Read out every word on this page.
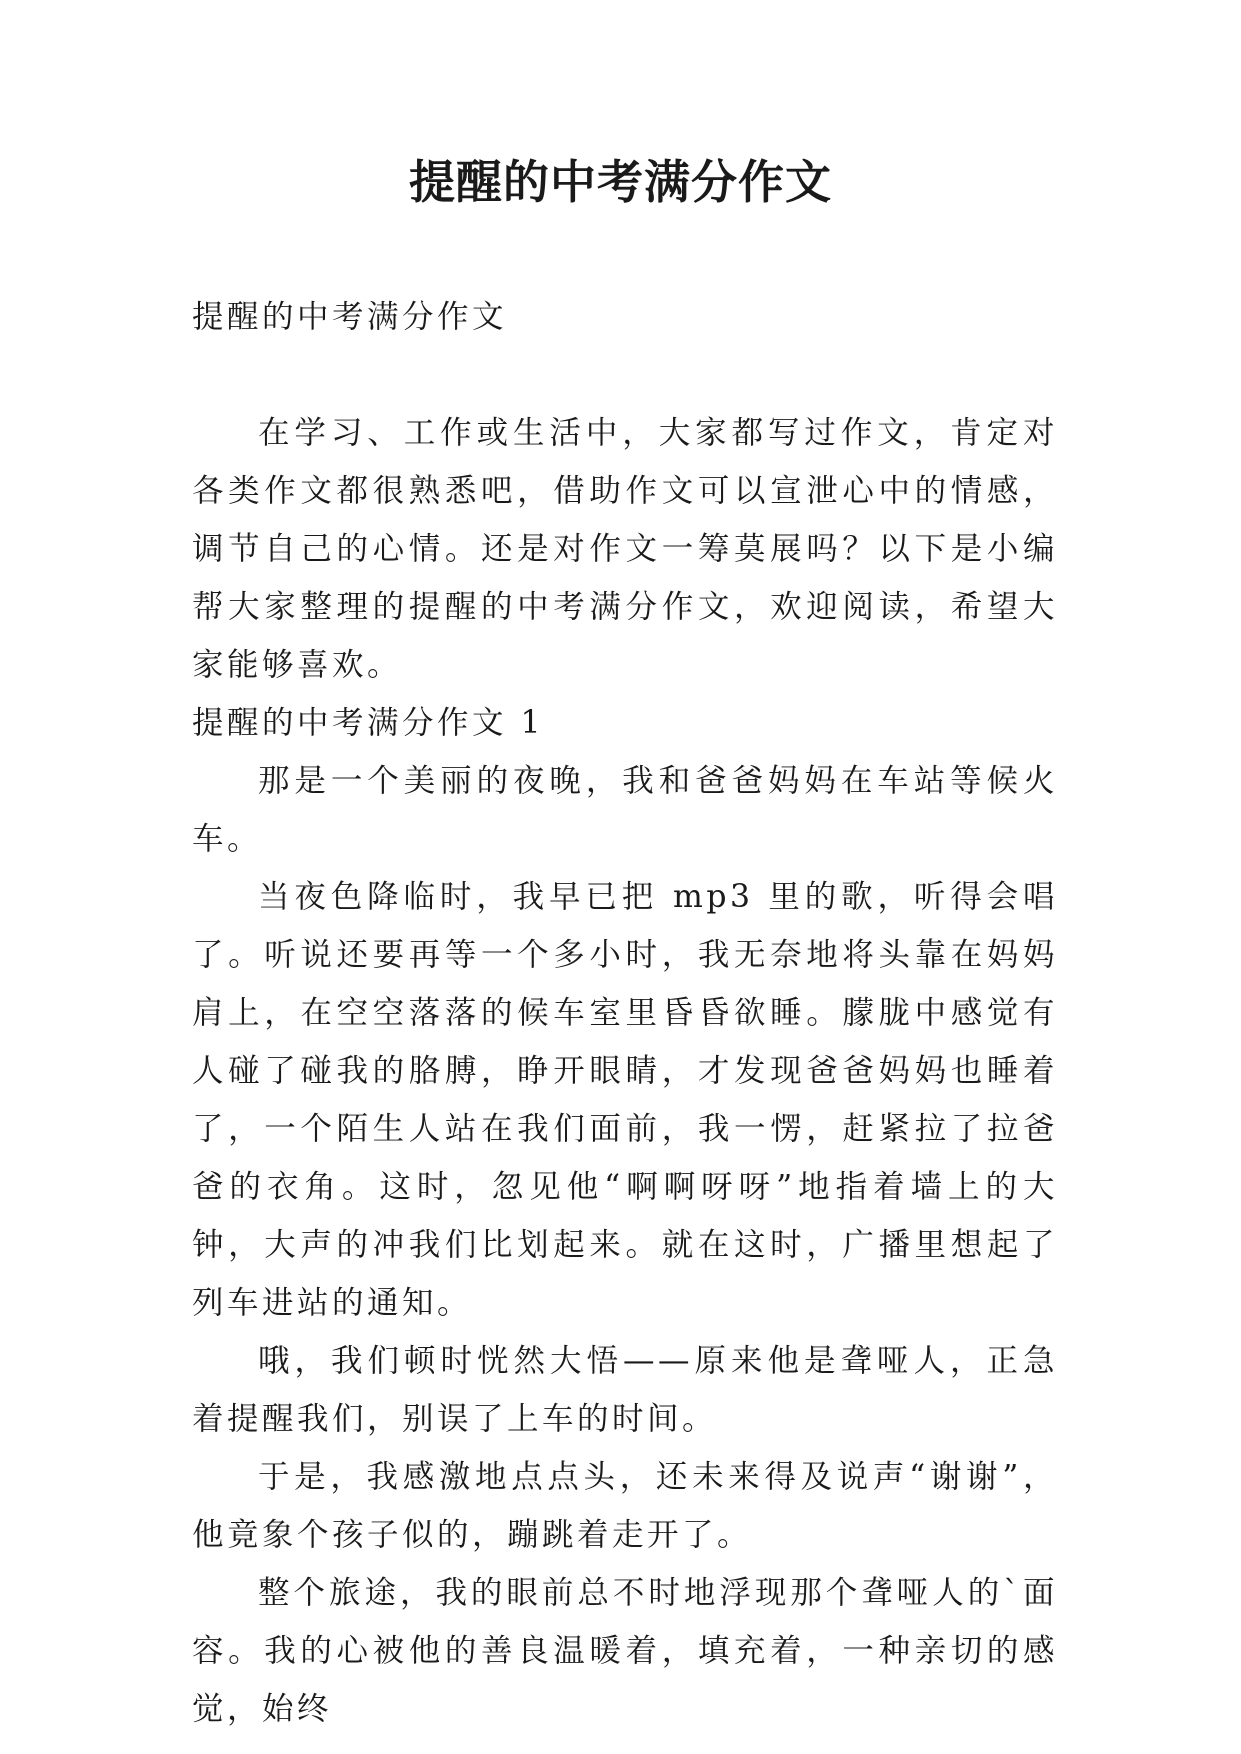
提醒的中考满分作文
提醒的中考满分作文

在学习、工作或生活中，大家都写过作文，肯定对各类作文都很熟悉吧，借助作文可以宣泄心中的情感，调节自己的心情。还是对作文一筹莫展吗？以下是小编帮大家整理的提醒的中考满分作文，欢迎阅读，希望大家能够喜欢。

提醒的中考满分作文 1

那是一个美丽的夜晚，我和爸爸妈妈在车站等候火车。

当夜色降临时，我早已把 mp3 里的歌，听得会唱了。听说还要再等一个多小时，我无奈地将头靠在妈妈肩上，在空空落落的候车室里昏昏欲睡。朦胧中感觉有人碰了碰我的胳膊，睁开眼睛，才发现爸爸妈妈也睡着了，一个陌生人站在我们面前，我一愣，赶紧拉了拉爸爸的衣角。这时，忽见他“啊啊呀呀”地指着墙上的大钟，大声的冲我们比划起来。就在这时，广播里想起了列车进站的通知。

哦，我们顿时恍然大悟——原来他是聋哑人，正急着提醒我们，别误了上车的时间。

于是，我感激地点点头，还未来得及说声“谢谢”，他竟象个孩子似的，蹦跳着走开了。

整个旅途，我的眼前总不时地浮现那个聋哑人的`面容。我的心被他的善良温暖着，填充着，一种亲切的感觉，始终
